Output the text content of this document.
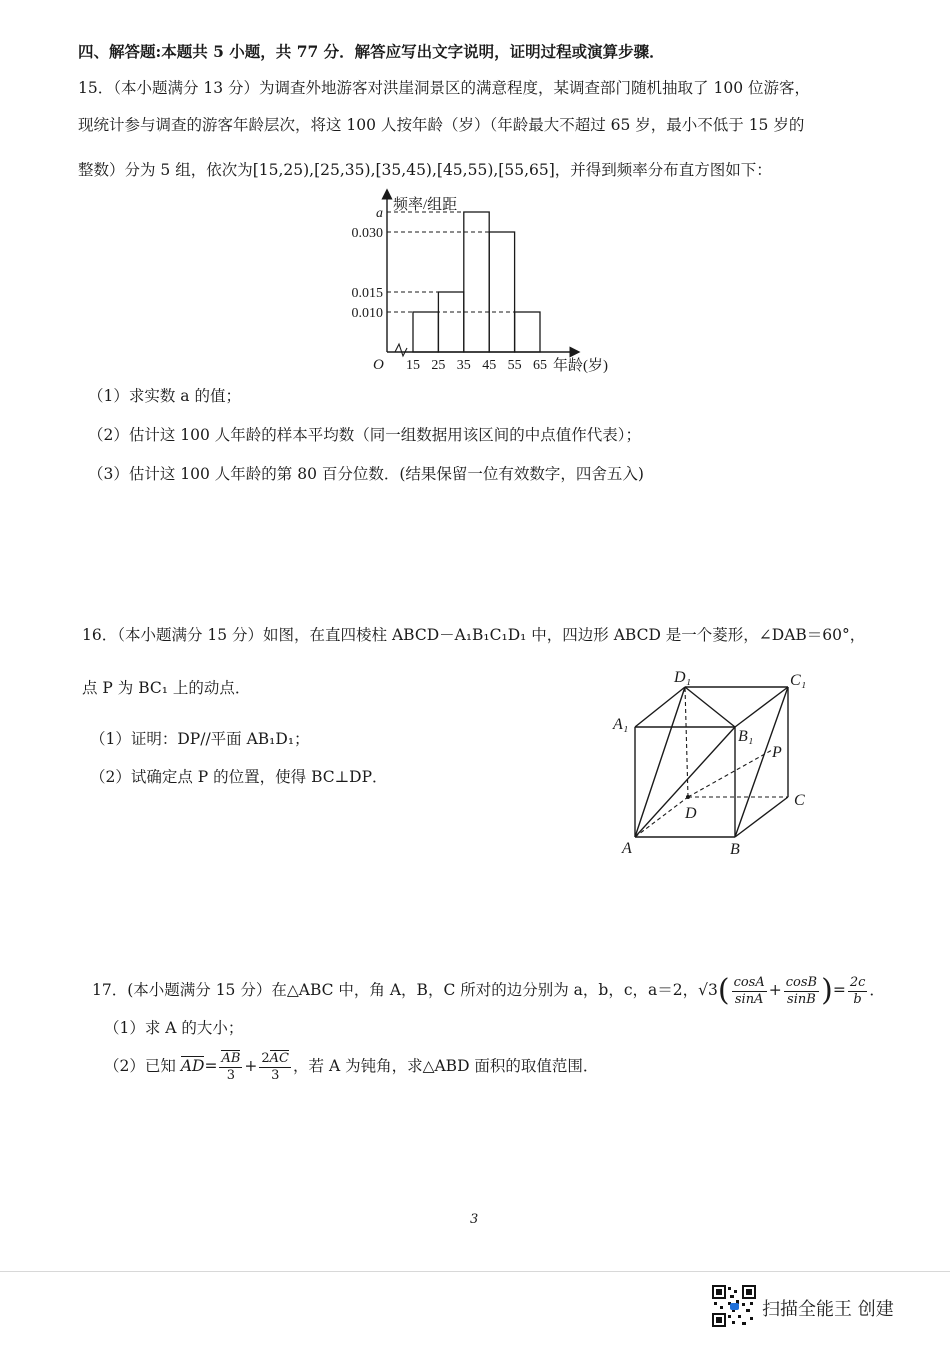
四、解答题:本题共 5 小题，共 77 分．解答应写出文字说明，证明过程或演算步骤．
15．（本小题满分 13 分）为调查外地游客对洪崖洞景区的满意程度，某调查部门随机抽取了 100 位游客，
现统计参与调查的游客年龄层次，将这 100 人按年龄（岁）（年龄最大不超过 65 岁，最小不低于 15 岁的
整数）分为 5 组，依次为[15,25),[25,35),[35,45),[45,55),[55,65]，并得到频率分布直方图如下：
频率/组距
年龄(岁)
O
0.010
0.015
0.030
a
15 25 35 45 55 65
（1）求实数 a 的值；
（2）估计这 100 人年龄的样本平均数（同一组数据用该区间的中点值作代表）；
（3）估计这 100 人年龄的第 80 百分位数．(结果保留一位有效数字，四舍五入)
16．（本小题满分 15 分）如图，在直四棱柱 ABCD－A₁B₁C₁D₁ 中，四边形 ABCD 是一个菱形，∠DAB＝60°，
点 P 为 BC₁ 上的动点．
（1）证明：DP//平面 AB₁D₁；
（2）试确定点 P 的位置，使得 BC⊥DP．
D₁	C₁
A₁
B₁
P
C
D
A	B
17．(本小题满分 15 分）在△ABC 中，角 A，B，C 所对的边分别为 a，b，c，a＝2，$√3( \frac{\cos A}{\sin A} + \frac{\cos B}{\sin B}$ )= $\frac{2c}{b}$ ．
（1）求 A 的大小；
（2）已知 $AD= \frac{AB}{3} + \frac{2AC}{3}$ ，若 A 为钝角，求△ABD 面积的取值范围．
3
扫描全能王 创建
